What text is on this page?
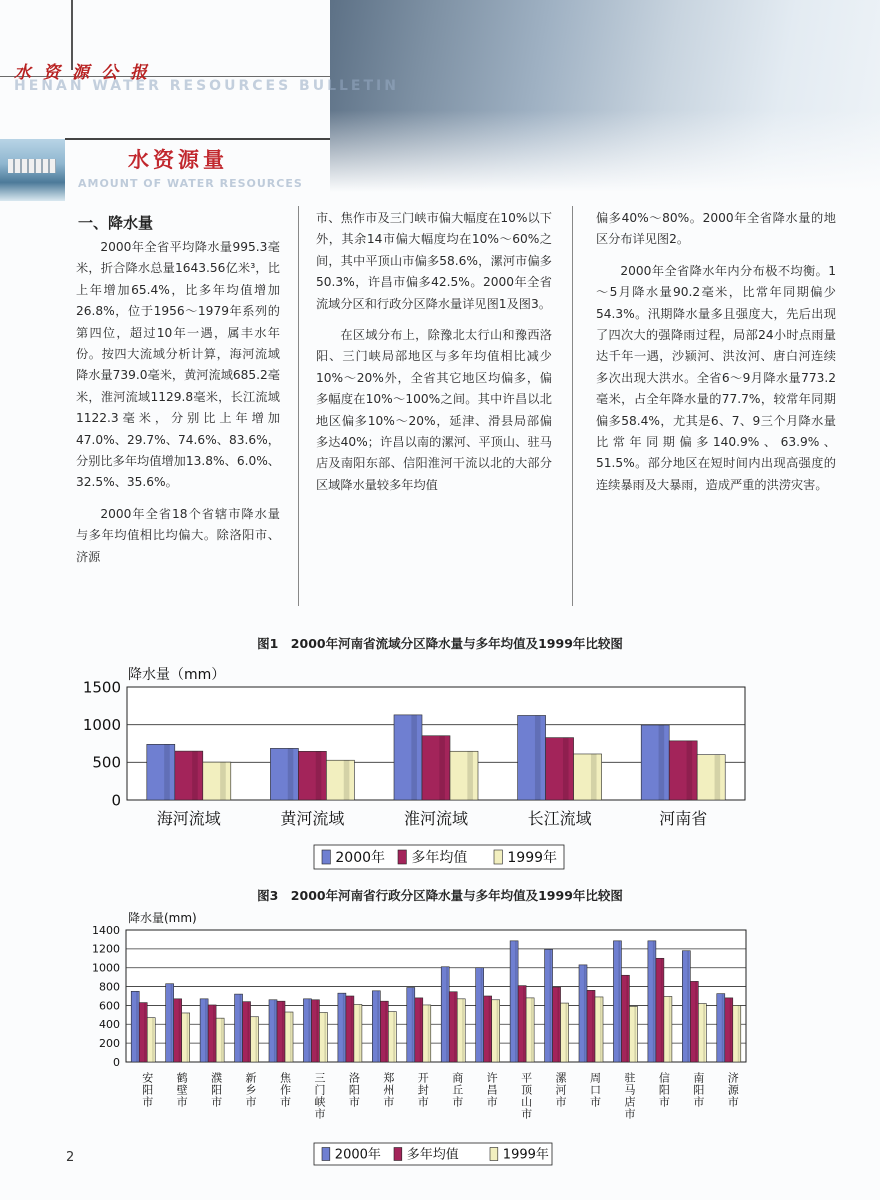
水资源公报
HENAN WATER RESOURCES BULLETIN
水资源量
AMOUNT OF WATER RESOURCES
一、降水量

2000年全省平均降水量995.3毫米，折合降水总量1643.56亿米³，比上年增加65.4%，比多年均值增加26.8%，位于1956～1979年系列的第四位，超过10年一遇，属丰水年份。按四大流域分析计算，海河流域降水量739.0毫米，黄河流域685.2毫米，淮河流域1129.8毫米，长江流域1122.3毫米，分别比上年增加47.0%、29.7%、74.6%、83.6%，分别比多年均值增加13.8%、6.0%、32.5%、35.6%。

2000年全省18个省辖市降水量与多年均值相比均偏大。除洛阳市、济源

市、焦作市及三门峡市偏大幅度在10%以下外，其余14市偏大幅度均在10%～60%之间，其中平顶山市偏多58.6%，漯河市偏多50.3%，许昌市偏多42.5%。2000年全省流域分区和行政分区降水量详见图1及图3。

在区域分布上，除豫北太行山和豫西洛阳、三门峡局部地区与多年均值相比减少10%～20%外，全省其它地区均偏多，偏多幅度在10%～100%之间。其中许昌以北地区偏多10%～20%，延津、滑县局部偏多达40%；许昌以南的漯河、平顶山、驻马店及南阳东部、信阳淮河干流以北的大部分区域降水量较多年均值

偏多40%～80%。2000年全省降水量的地区分布详见图2。

2000年全省降水年内分布极不均衡。1～5月降水量90.2毫米，比常年同期偏少54.3%。汛期降水量多且强度大，先后出现了四次大的强降雨过程，局部24小时点雨量达千年一遇，沙颍河、洪汝河、唐白河连续多次出现大洪水。全省6～9月降水量773.2毫米，占全年降水量的77.7%，较常年同期偏多58.4%，尤其是6、7、9三个月降水量比常年同期偏多140.9%、63.9%、51.5%。部分地区在短时间内出现高强度的连续暴雨及大暴雨，造成严重的洪涝灾害。

图1　2000年河南省流域分区降水量与多年均值及1999年比较图
图3　2000年河南省行政分区降水量与多年均值及1999年比较图
0
500
1000
1500
降水量（mm）
海河流域	黄河流域	淮河流域	长江流域	河南省
2000年 多年均值	1999年
0
200
400
600
800
1000
1200
1400
降水量(mm)
安阳市 鹤壁市 濮阳市 新乡市 焦作市 三门峡市 洛阳市 郑州市 开封市 商丘市 许昌市 平顶山市 漯河市 周口市 驻马店市 信阳市 南阳市 济源市
2000年 多年均值	1999年
2
